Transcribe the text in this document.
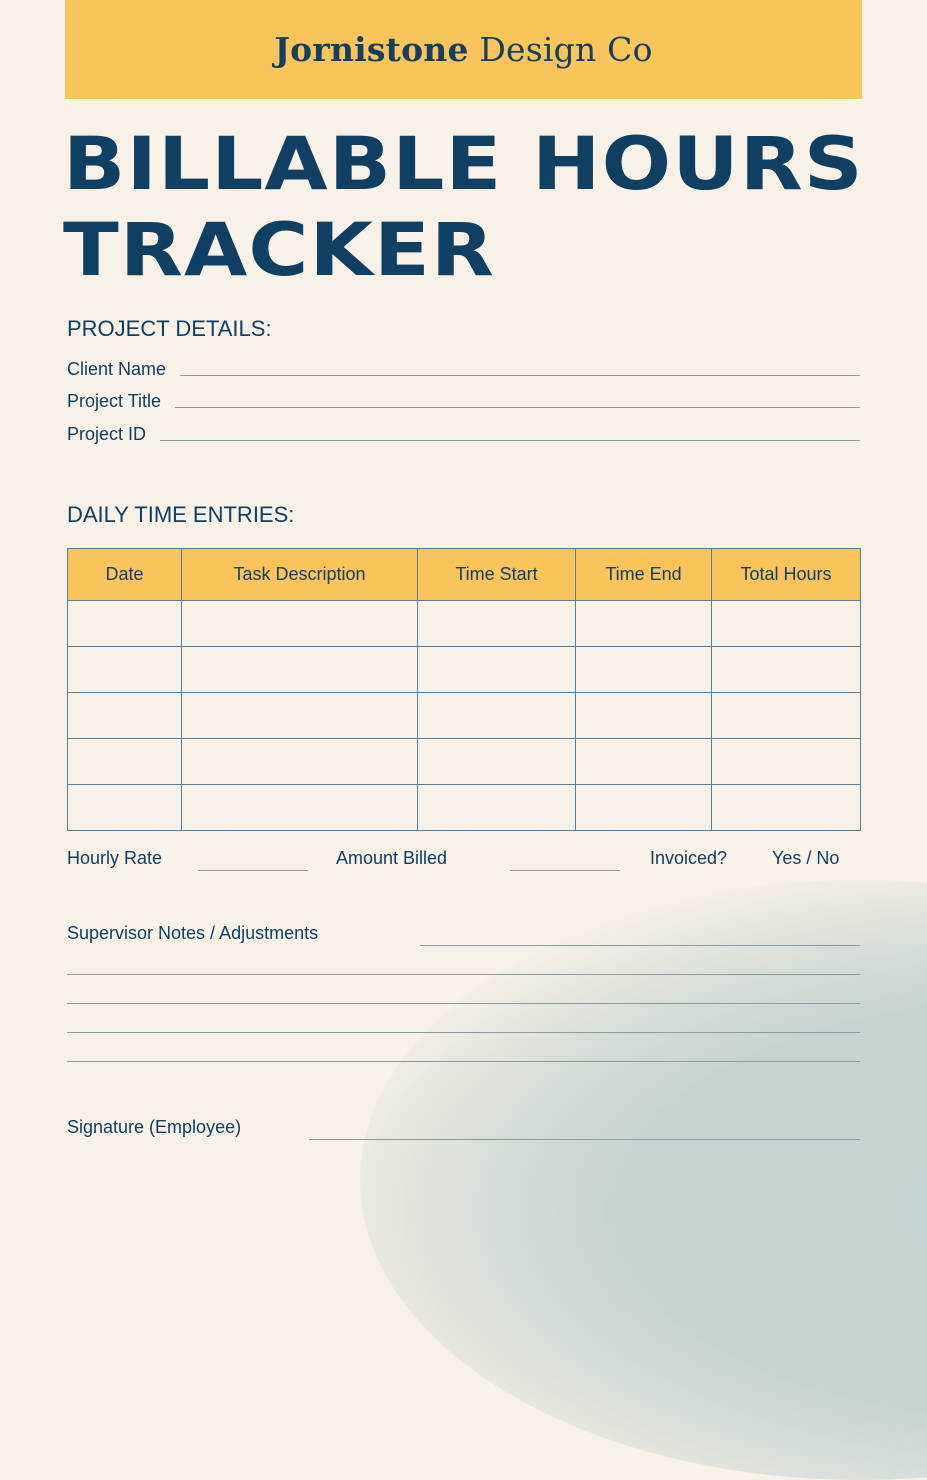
Jornistone Design Co
BILLABLE HOURS
TRACKER
PROJECT DETAILS:
Client Name
Project Title
Project ID
DAILY TIME ENTRIES:
Date	Task Description	Time Start	Time End	Total Hours

Hourly Rate	Amount Billed	Invoiced? Yes / No
Supervisor Notes / Adjustments
Signature (Employee)
